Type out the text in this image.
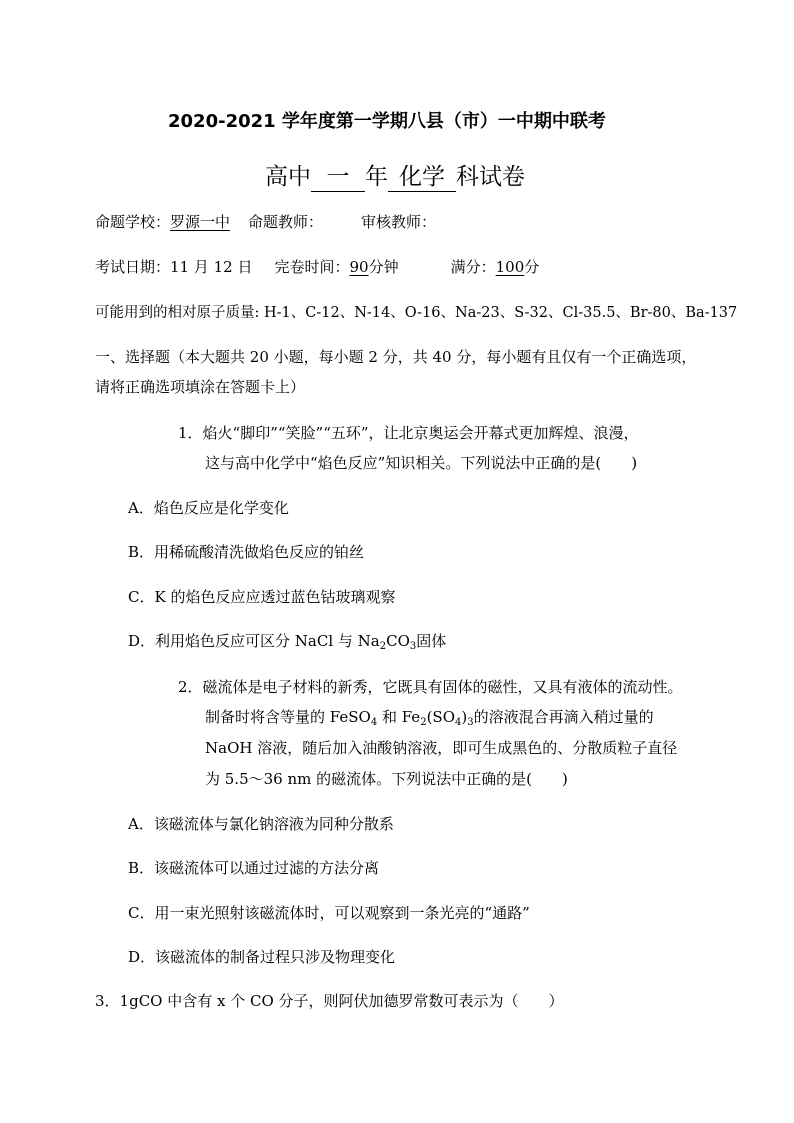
2020-2021 学年度第一学期八县（市）一中期中联考
高中 一 年 化学 科试卷
命题学校：罗源一中 命题教师：	审核教师：
考试日期：11 月 12 日 完卷时间：90分钟	满分：100分
可能用到的相对原子质量: H-1、C-12、N-14、O-16、Na-23、S-32、Cl-35.5、Br-80、Ba-137
一、选择题（本大题共 20 小题，每小题 2 分，共 40 分，每小题有且仅有一个正确选项，
请将正确选项填涂在答题卡上）
1．焰火“脚印”“笑脸”“五环”，让北京奥运会开幕式更加辉煌、浪漫，
这与高中化学中“焰色反应”知识相关。下列说法中正确的是(　　)
A．焰色反应是化学变化
B．用稀硫酸清洗做焰色反应的铂丝
C．K 的焰色反应应透过蓝色钴玻璃观察
D．利用焰色反应可区分 NaCl 与 $Na_2CO_3$固体
2．磁流体是电子材料的新秀，它既具有固体的磁性，又具有液体的流动性。
制备时将含等量的 FeSO$_4$ 和 $Fe_2(SO_4)_3$的溶液混合再滴入稍过量的
NaOH 溶液，随后加入油酸钠溶液，即可生成黑色的、分散质粒子直径
为 5.5～36 nm 的磁流体。下列说法中正确的是(　　)
A．该磁流体与氯化钠溶液为同种分散系
B．该磁流体可以通过过滤的方法分离
C．用一束光照射该磁流体时，可以观察到一条光亮的“通路”
D．该磁流体的制备过程只涉及物理变化
3．1gCO 中含有 x 个 CO 分子，则阿伏加德罗常数可表示为（　　）
